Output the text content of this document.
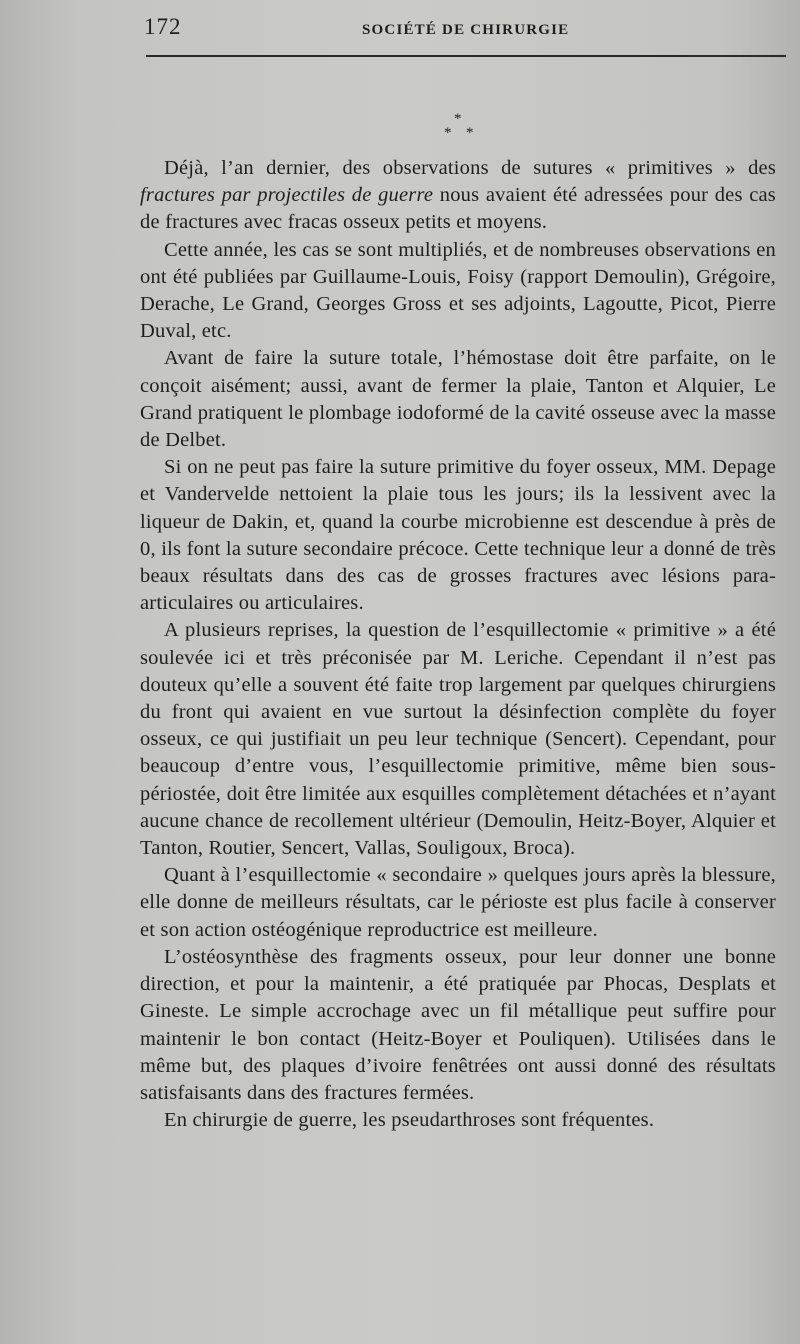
172	SOCIÉTÉ DE CHIRURGIE
*
* *

Déjà, l’an dernier, des observations de sutures « primitives » des fractures par projectiles de guerre nous avaient été adressées pour des cas de fractures avec fracas osseux petits et moyens.

Cette année, les cas se sont multipliés, et de nombreuses observations en ont été publiées par Guillaume-Louis, Foisy (rapport Demoulin), Grégoire, Derache, Le Grand, Georges Gross et ses adjoints, Lagoutte, Picot, Pierre Duval, etc.

Avant de faire la suture totale, l’hémostase doit être parfaite, on le conçoit aisément; aussi, avant de fermer la plaie, Tanton et Alquier, Le Grand pratiquent le plombage iodoformé de la cavité osseuse avec la masse de Delbet.

Si on ne peut pas faire la suture primitive du foyer osseux, MM. Depage et Vandervelde nettoient la plaie tous les jours; ils la lessivent avec la liqueur de Dakin, et, quand la courbe microbienne est descendue à près de 0, ils font la suture secondaire précoce. Cette technique leur a donné de très beaux résultats dans des cas de grosses fractures avec lésions para-articulaires ou articulaires.

A plusieurs reprises, la question de l’esquillectomie « primitive » a été soulevée ici et très préconisée par M. Leriche. Cependant il n’est pas douteux qu’elle a souvent été faite trop largement par quelques chirurgiens du front qui avaient en vue surtout la désinfection complète du foyer osseux, ce qui justifiait un peu leur technique (Sencert). Cependant, pour beaucoup d’entre vous, l’esquillectomie primitive, même bien sous-périostée, doit être limitée aux esquilles complètement détachées et n’ayant aucune chance de recollement ultérieur (Demoulin, Heitz-Boyer, Alquier et Tanton, Routier, Sencert, Vallas, Souligoux, Broca).

Quant à l’esquillectomie « secondaire » quelques jours après la blessure, elle donne de meilleurs résultats, car le périoste est plus facile à conserver et son action ostéogénique reproductrice est meilleure.

L’ostéosynthèse des fragments osseux, pour leur donner une bonne direction, et pour la maintenir, a été pratiquée par Phocas, Desplats et Gineste. Le simple accrochage avec un fil métallique peut suffire pour maintenir le bon contact (Heitz-Boyer et Pouliquen). Utilisées dans le même but, des plaques d’ivoire fenêtrées ont aussi donné des résultats satisfaisants dans des fractures fermées.

En chirurgie de guerre, les pseudarthroses sont fréquentes.
